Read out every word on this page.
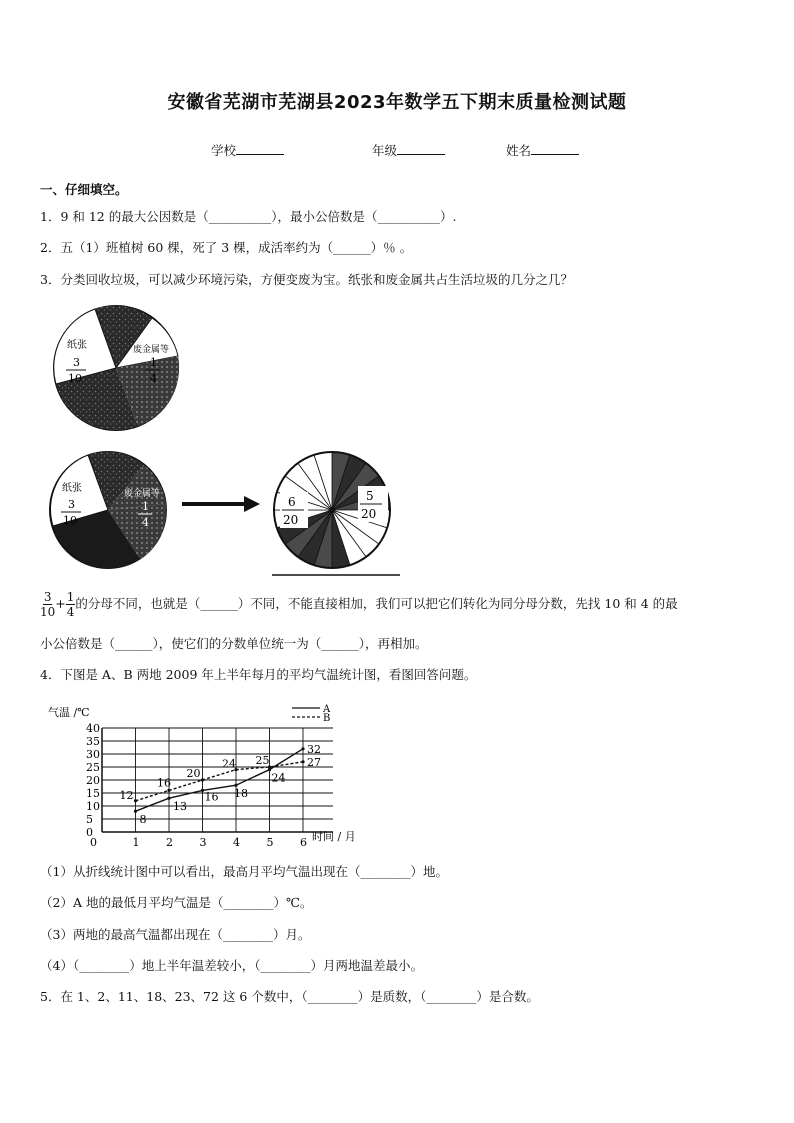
安徽省芜湖市芜湖县2023年数学五下期末质量检测试题
学校	年级	姓名
一、仔细填空。
1．9 和 12 的最大公因数是（__________），最小公倍数是（__________）.
2．五（1）班植树 60 棵，死了 3 棵，成活率约为（______）％ 。
3．分类回收垃圾，可以减少环境污染，方便变废为宝。纸张和废金属共占生活垃圾的几分之几？
纸张
3
10
废金属等
1
4
纸张
3
10
废金属等
1
4
6
20
5
20
$\frac{3}{10} + \frac{1}{4}$ 的分母不同，也就是（______）不同，不能直接相加，我们可以把它们转化为同分母分数，先找 10 和 4 的最
小公倍数是（______），使它们的分数单位统一为（______），再相加。
4．下图是 A、B 两地 2009 年上半年每月的平均气温统计图，看图回答问题。
气温 /℃
时间 / 月
0
5
10
15
20
25
30
35
40
0	1 2 3 4 5 6
8
13
16 18
24
32
12
16
20
24 25	27
A
B
（1）从折线统计图中可以看出，最高月平均气温出现在（________）地。
（2）A 地的最低月平均气温是（________）℃。
（3）两地的最高气温都出现在（________）月。
（4）（________）地上半年温差较小，（________）月两地温差最小。
5．在 1、2、11、18、23、72 这 6 个数中，（________）是质数，（________）是合数。
